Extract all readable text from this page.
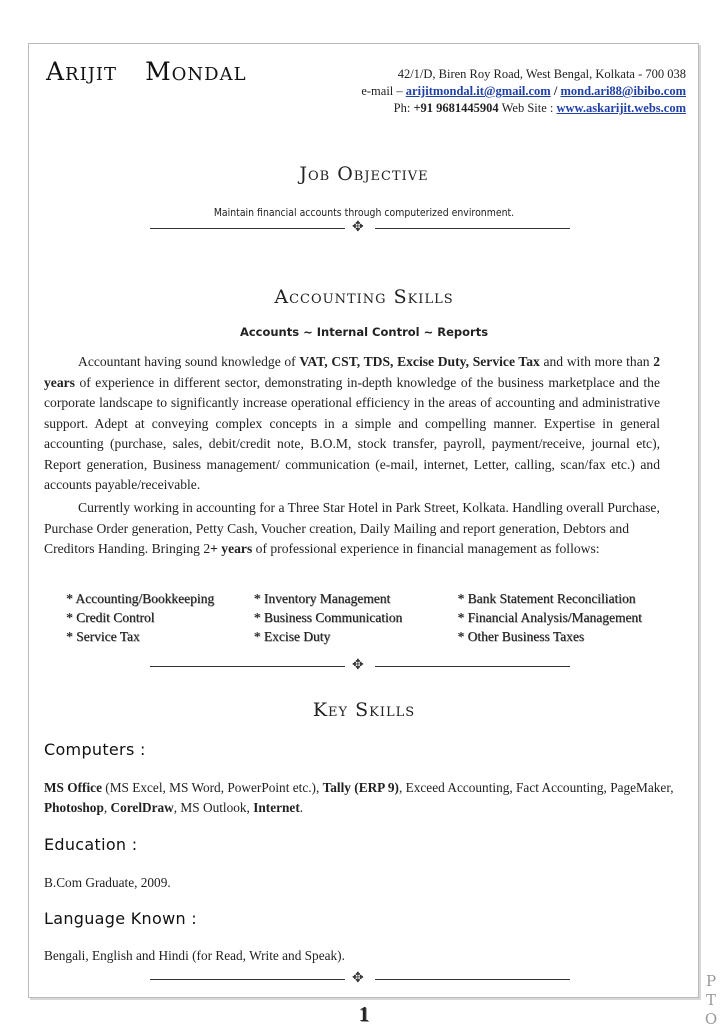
Arijit Mondal	42/1/D, Biren Roy Road, West Bengal, Kolkata - 700 038
e-mail – arijitmondal.it@gmail.com / mond.ari88@ibibo.com
Ph: +91 9681445904 Web Site : www.askarijit.webs.com
Job Objective
Maintain financial accounts through computerized environment.
✥
Accounting Skills
Accounts ~ Internal Control ~ Reports
Accountant having sound knowledge of VAT, CST, TDS, Excise Duty, Service Tax and with more than 2 years of experience in different sector, demonstrating in-depth knowledge of the business marketplace and the corporate landscape to significantly increase operational efficiency in the areas of accounting and administrative support. Adept at conveying complex concepts in a simple and compelling manner. Expertise in general accounting (purchase, sales, debit/credit note, B.O.M, stock transfer, payroll, payment/receive, journal etc), Report generation, Business management/ communication (e-mail, internet, Letter, calling, scan/fax etc.) and accounts payable/receivable.
Currently working in accounting for a Three Star Hotel in Park Street, Kolkata. Handling overall Purchase, Purchase Order generation, Petty Cash, Voucher creation, Daily Mailing and report generation, Debtors and Creditors Handing. Bringing 2+ years of professional experience in financial management as follows:
* Accounting/Bookkeeping	* Inventory Management	* Bank Statement Reconciliation
* Credit Control	* Business Communication	* Financial Analysis/Management
* Service Tax	* Excise Duty	* Other Business Taxes
✥
Key Skills
Computers :
MS Office (MS Excel, MS Word, PowerPoint etc.), Tally (ERP 9), Exceed Accounting, Fact Accounting, PageMaker, Photoshop, CorelDraw, MS Outlook, Internet.
Education :
B.Com Graduate, 2009.
Language Known :
Bengali, English and Hindi (for Read, Write and Speak).
✥
1
P
T
O
